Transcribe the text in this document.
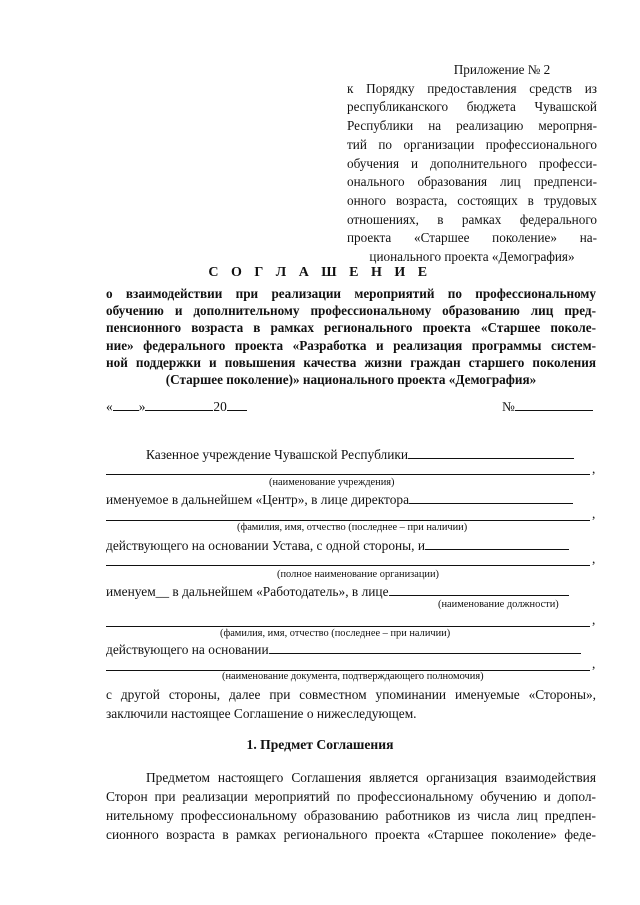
Приложение № 2
к Порядку предоставления средств из
республиканского бюджета Чувашской
Республики на реализацию меропрня-
тий по организации профессионального
обучения и дополнительного професси-
онального образования лиц предпенси-
онного возраста, состоящих в трудовых
отношениях, в рамках федерального
проекта «Старшее поколение» на-
ционального проекта «Демография»
С О Г Л А Ш Е Н И Е
о взаимодействии при реализации мероприятий по профессиональному
обучению и дополнительному профессиональному образованию лиц пред-
пенсионного возраста в рамках регионального проекта «Старшее поколе-
ние» федерального проекта «Разработка и реализация программы систем-
ной поддержки и повышения качества жизни граждан старшего поколения
(Старшее поколение)» национального проекта «Демография»
« »	20	№
Казенное учреждение Чувашской Республики
,
(наименование учреждения)
именуемое в дальнейшем «Центр», в лице директора
,
(фамилия, имя, отчество (последнее – при наличии)
действующего на основании Устава, с одной стороны, и
,
(полное наименование организации)
именуем__ в дальнейшем «Работодатель», в лице
(наименование должности)
,
(фамилия, имя, отчество (последнее – при наличии)
действующего на основании
,
(наименование документа, подтверждающего полномочия)
с другой стороны, далее при совместном упоминании именуемые «Стороны»,
заключили настоящее Соглашение о нижеследующем.
1. Предмет Соглашения
Предметом настоящего Соглашения является организация взаимодействия
Сторон при реализации мероприятий по профессиональному обучению и допол-
нительному профессиональному образованию работников из числа лиц предпен-
сионного возраста в рамках регионального проекта «Старшее поколение» феде-
